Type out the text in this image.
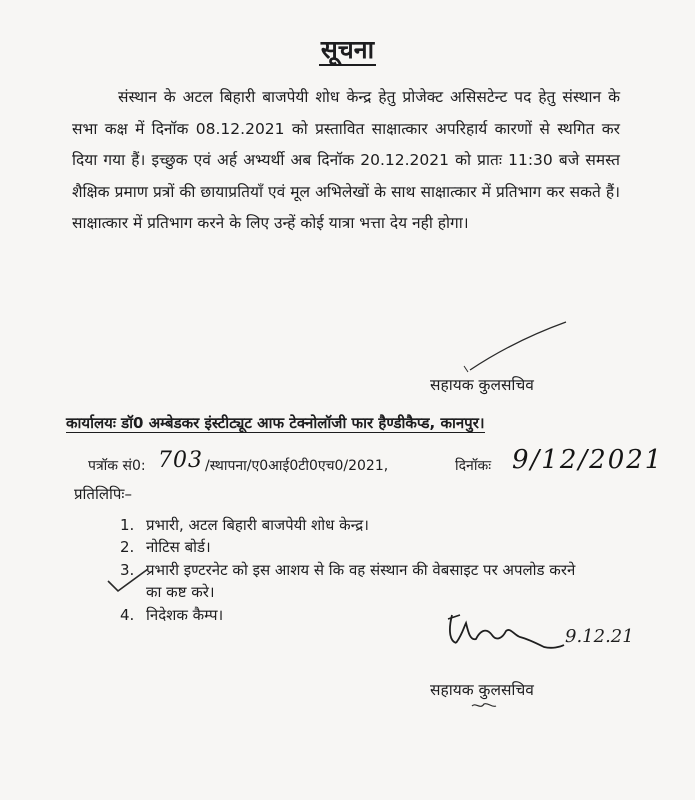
सूचना
संस्थान के अटल बिहारी बाजपेयी शोध केन्द्र हेतु प्रोजेक्ट असिसटेन्ट पद हेतु संस्थान के सभा कक्ष में दिनॉक 08.12.2021 को प्रस्तावित साक्षात्कार अपरिहार्य कारणों से स्थगित कर दिया गया हैं। इच्छुक एवं अर्ह अभ्यर्थी अब दिनॉक 20.12.2021 को प्रातः 11:30 बजे समस्त शैक्षिक प्रमाण प्रत्रों की छायाप्रतियॉं एवं मूल अभिलेखों के साथ साक्षात्कार में प्रतिभाग कर सकते हैं। साक्षात्कार में प्रतिभाग करने के लिए उन्हें कोई यात्रा भत्ता देय नही होगा।
सहायक कुलसचिव
कार्यालयः डॉ0 अम्बेडकर इंस्टीट्यूट आफ टेक्नोलॉजी फार हैण्डीकैप्ड, कानपुर।
पत्रॉक सं0: 703 /स्थापना/ए0आई0टी0एच0/2021,	दिनॉकः 9/12/2021
प्रतिलिपिः–
1. प्रभारी, अटल बिहारी बाजपेयी शोध केन्द्र।
2. नोटिस बोर्ड।
3. प्रभारी इण्टरनेट को इस आशय से कि वह संस्थान की वेबसाइट पर अपलोड करने का कष्ट करे।
4. निदेशक कैम्प।
9.12.21
सहायक कुलसचिव
